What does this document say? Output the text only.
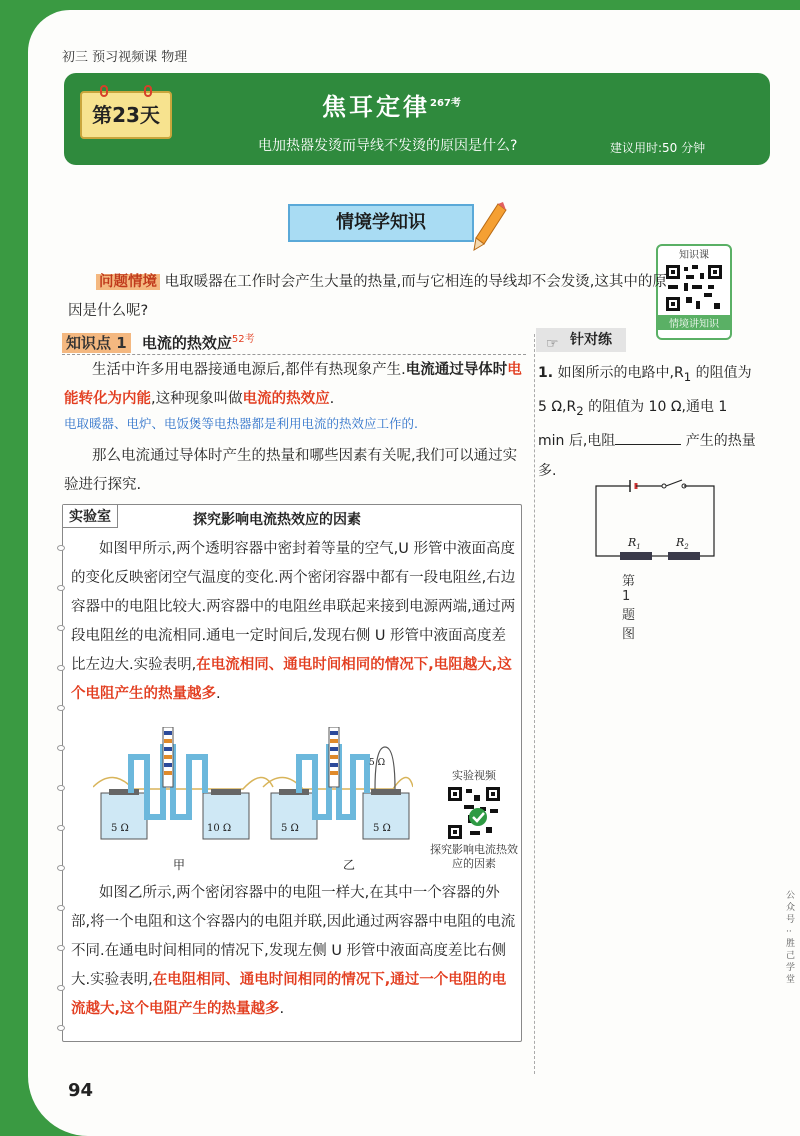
初三 预习视频课 物理
第23天	焦耳定律$^{267考}$
电加热器发烫而导线不发烫的原因是什么?	建议用时:50 分钟
情境学知识
知识课
情境讲知识
问题情境 电取暖器在工作时会产生大量的热量,而与它相连的导线却不会发烫,这其中的原因是什么呢?
知识点 1 电流的热效应$^{52考}$
生活中许多用电器接通电源后,都伴有热现象产生.电流通过导体时电能转化为内能,这种现象叫做电流的热效应.
电取暖器、电炉、电饭煲等电热器都是利用电流的热效应工作的.
那么电流通过导体时产生的热量和哪些因素有关呢,我们可以通过实验进行探究.
实验室	探究影响电流热效应的因素
如图甲所示,两个透明容器中密封着等量的空气,U 形管中液面高度的变化反映密闭空气温度的变化.两个密闭容器中都有一段电阻丝,右边容器中的电阻比较大.两容器中的电阻丝串联起来接到电源两端,通过两段电阻丝的电流相同.通电一定时间后,发现右侧 U 形管中液面高度差比左边大.实验表明,在电流相同、通电时间相同的情况下,电阻越大,这个电阻产生的热量越多.
5 Ω	10 Ω
甲
5 Ω	5 Ω
5 Ω
乙
实验视频
探究影响电流热效应的因素
如图乙所示,两个密闭容器中的电阻一样大,在其中一个容器的外部,将一个电阻和这个容器内的电阻并联,因此通过两容器中电阻的电流不同.在通电时间相同的情况下,发现左侧 U 形管中液面高度差比右侧大.实验表明,在电阻相同、通电时间相同的情况下,通过一个电阻的电流越大,这个电阻产生的热量越多.
☞ 针对练
1. 如图所示的电路中$,R_1$ 的阻值为 5 $\Omega,R_2$ 的阻值为 10 Ω,通电 1 min 后,电阻	产生的热量多.
$R_1$	$R_2$
第 1 题图
公众号··胜己学堂
94
